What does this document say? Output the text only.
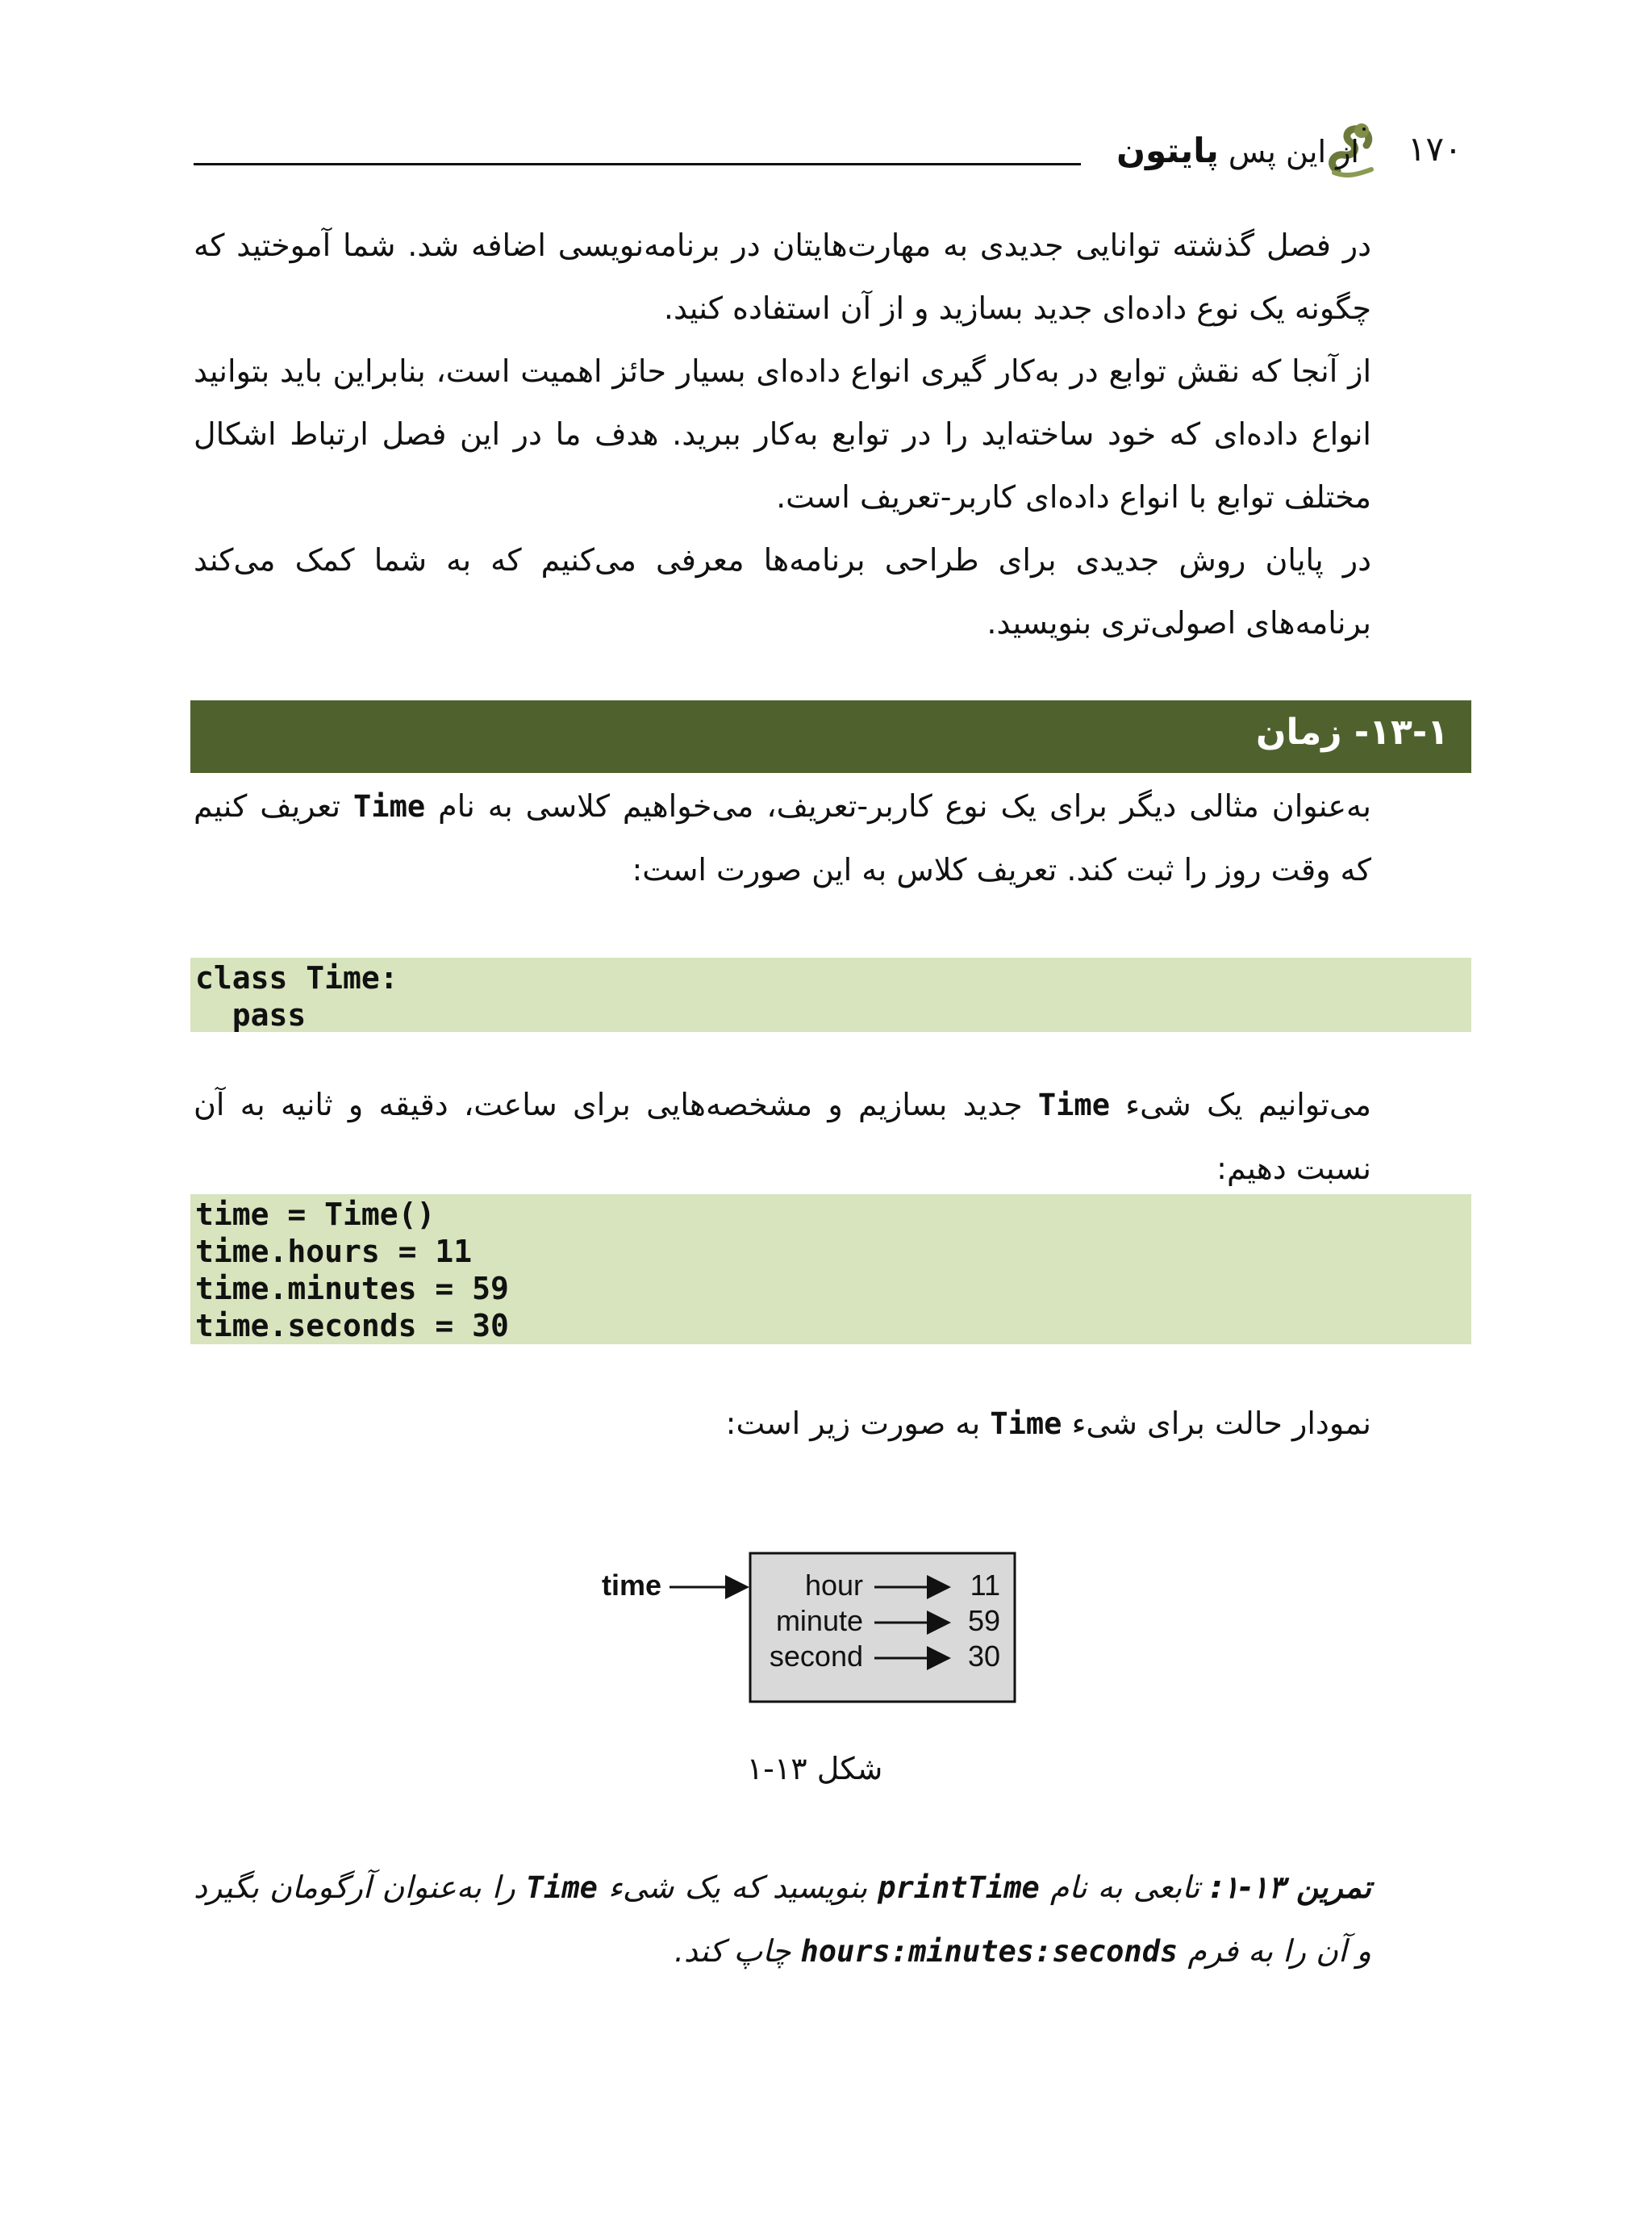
۱۷۰
از این پس پایتون
در فصل گذشته توانایی جدیدی به مهارت‌هایتان در برنامه‌نویسی اضافه شد. شما آموختید که چگونه یک نوع داده‌ای جدید بسازید و از آن استفاده کنید.
از آنجا که نقش توابع در به‌کار گیری انواع داده‌ای بسیار حائز اهمیت است، بنابراین باید بتوانید انواع داده‌ای که خود ساخته‌اید را در توابع به‌کار ببرید. هدف ما در این فصل ارتباط اشکال مختلف توابع با انواع داده‌ای کاربر-تعریف است.
در پایان روش جدیدی برای طراحی برنامه‌ها معرفی می‌کنیم که به شما کمک می‌کند برنامه‌های اصولی‌تری بنویسید.
۱۳-۱- زمان
به‌عنوان مثالی دیگر برای یک نوع کاربر-تعریف، می‌خواهیم کلاسی به نام Time تعریف کنیم که وقت روز را ثبت کند. تعریف کلاس به این صورت است:
class Time:
pass
می‌توانیم یک شیء Time جدید بسازیم و مشخصه‌هایی برای ساعت، دقیقه و ثانیه به آن نسبت دهیم:
time = Time()
time.hours = 11
time.minutes = 59
time.seconds = 30
نمودار حالت برای شیء Time به صورت زیر است:
time	hour	11
minute	59
second	30
شکل ۱۳-۱
تمرین ۱۳-۱: تابعی به نام printTime بنویسید که یک شیء Time را به‌عنوان آرگومان بگیرد و آن را به فرم hours:minutes:seconds چاپ کند.
